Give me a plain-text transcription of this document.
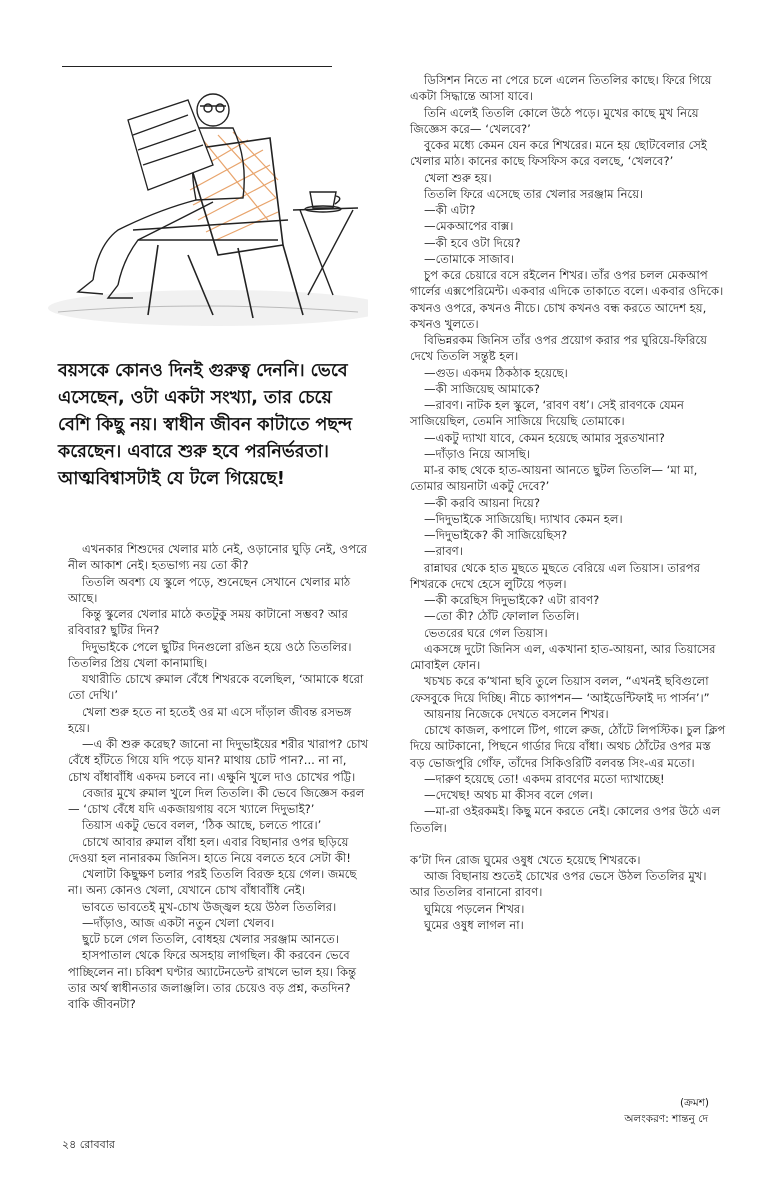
বয়সকে কোনও দিনই গুরুত্ব দেননি। ভেবে এসেছেন, ওটা একটা সংখ্যা, তার চেয়ে বেশি কিছু নয়। স্বাধীন জীবন কাটাতে পছন্দ করেছেন। এবারে শুরু হবে পরনির্ভরতা। আত্মবিশ্বাসটাই যে টলে গিয়েছে!

এখনকার শিশুদের খেলার মাঠ নেই, ওড়ানোর ঘুড়ি নেই, ওপরে নীল আকাশ নেই। হতভাগ্য নয় তো কী?

তিতলি অবশ্য যে স্কুলে পড়ে, শুনেছেন সেখানে খেলার মাঠ আছে।

কিন্তু স্কুলের খেলার মাঠে কতটুকু সময় কাটানো সম্ভব? আর রবিবার? ছুটির দিন?

দিদুভাইকে পেলে ছুটির দিনগুলো রঙিন হয়ে ওঠে তিতলির। তিতলির প্রিয় খেলা কানামাছি।

যথারীতি চোখে রুমাল বেঁধে শিখরকে বলেছিল, ‘আমাকে ধরো তো দেখি।’

খেলা শুরু হতে না হতেই ওর মা এসে দাঁড়াল জীবন্ত রসভঙ্গ হয়ে।

—এ কী শুরু করেছ? জানো না দিদুভাইয়ের শরীর খারাপ? চোখ বেঁধে হাঁটতে গিয়ে যদি পড়ে যান? মাথায় চোট পান?... না না, চোখ বাঁধাবাঁধি একদম চলবে না। এক্ষুনি খুলে দাও চোখের পট্টি।

বেজার মুখে রুমাল খুলে দিল তিতলি। কী ভেবে জিজ্ঞেস করল— ‘চোখ বেঁধে যদি একজায়গায় বসে খ্যালে দিদুভাই?’

তিয়াস একটু ভেবে বলল, ‘ঠিক আছে, চলতে পারে।’

চোখে আবার রুমাল বাঁধা হল। এবার বিছানার ওপর ছড়িয়ে দেওয়া হল নানারকম জিনিস। হাতে নিয়ে বলতে হবে সেটা কী!

খেলাটা কিছুক্ষণ চলার পরই তিতলি বিরক্ত হয়ে গেল। জমছে না। অন্য কোনও খেলা, যেখানে চোখ বাঁধাবাঁধি নেই।

ভাবতে ভাবতেই মুখ-চোখ উজ্জ্বল হয়ে উঠল তিতলির।

—দাঁড়াও, আজ একটা নতুন খেলা খেলব।

ছুটে চলে গেল তিতলি, বোধহয় খেলার সরঞ্জাম আনতে।

হাসপাতাল থেকে ফিরে অসহায় লাগছিল। কী করবেন ভেবে পাচ্ছিলেন না। চব্বিশ ঘণ্টার অ্যাটেনডেন্ট রাখলে ভাল হয়। কিন্তু তার অর্থ স্বাধীনতার জলাঞ্জলি। তার চেয়েও বড় প্রশ্ন, কতদিন? বাকি জীবনটা?

ডিসিশন নিতে না পেরে চলে এলেন তিতলির কাছে। ফিরে গিয়ে একটা সিদ্ধান্তে আসা যাবে।

তিনি এলেই তিতলি কোলে উঠে পড়ে। মুখের কাছে মুখ নিয়ে জিজ্ঞেস করে— ‘খেলবে?’

বুকের মধ্যে কেমন যেন করে শিখরের। মনে হয় ছোটবেলার সেই খেলার মাঠ। কানের কাছে ফিসফিস করে বলছে, ‘খেলবে?’

খেলা শুরু হয়।

তিতলি ফিরে এসেছে তার খেলার সরঞ্জাম নিয়ে।

—কী এটা?

—মেকআপের বাক্স।

—কী হবে ওটা দিয়ে?

—তোমাকে সাজাব।

চুপ করে চেয়ারে বসে রইলেন শিখর। তাঁর ওপর চলল মেকআপ গার্লের এক্সপেরিমেন্ট। একবার এদিকে তাকাতে বলে। একবার ওদিকে। কখনও ওপরে, কখনও নীচে। চোখ কখনও বন্ধ করতে আদেশ হয়, কখনও খুলতে।

বিভিন্নরকম জিনিস তাঁর ওপর প্রয়োগ করার পর ঘুরিয়ে-ফিরিয়ে দেখে তিতলি সন্তুষ্ট হল।

—গুড। একদম ঠিকঠাক হয়েছে।

—কী সাজিয়েছ আমাকে?

—রাবণ। নাটক হল স্কুলে, ‘রাবণ বধ’। সেই রাবণকে যেমন সাজিয়েছিল, তেমনি সাজিয়ে দিয়েছি তোমাকে।

—একটু দ্যাখা যাবে, কেমন হয়েছে আমার সুরতখানা?

—দাঁড়াও নিয়ে আসছি।

মা-র কাছ থেকে হাত-আয়না আনতে ছুটল তিতলি— ‘মা মা, তোমার আয়নাটা একটু দেবে?’

—কী করবি আয়না দিয়ে?

—দিদুভাইকে সাজিয়েছি। দ্যাখাব কেমন হল।

—দিদুভাইকে? কী সাজিয়েছিস?

—রাবণ।

রান্নাঘর থেকে হাত মুছতে মুছতে বেরিয়ে এল তিয়াস। তারপর শিখরকে দেখে হেসে লুটিয়ে পড়ল।

—কী করেছিস দিদুভাইকে? এটা রাবণ?

—তো কী? ঠোঁট ফোলাল তিতলি।

ভেতরের ঘরে গেল তিয়াস।

একসঙ্গে দুটো জিনিস এল, একখানা হাত-আয়না, আর তিয়াসের মোবাইল ফোন।

খচখচ করে ক’খানা ছবি তুলে তিয়াস বলল, “এখনই ছবিগুলো ফেসবুকে দিয়ে দিচ্ছি। নীচে ক্যাপশন— ‘আইডেন্টিফাই দ্য পার্সন’।”

আয়নায় নিজেকে দেখতে বসলেন শিখর।

চোখে কাজল, কপালে টিপ, গালে রুজ, ঠোঁটে লিপস্টিক। চুল ক্লিপ দিয়ে আটকানো, পিছনে গার্ডার দিয়ে বাঁধা। অথচ ঠোঁটের ওপর মস্ত বড় ভোজপুরি গোঁফ, তাঁদের সিকিওরিটি বলবন্ত সিং-এর মতো।

—দারুণ হয়েছে তো! একদম রাবণের মতো দ্যাখাচ্ছে!

—দেখেছ! অথচ মা কীসব বলে গেল।

—মা-রা ওইরকমই। কিছু মনে করতে নেই। কোলের ওপর উঠে এল তিতলি।

ক’টা দিন রোজ ঘুমের ওষুধ খেতে হয়েছে শিখরকে।

আজ বিছানায় শুতেই চোখের ওপর ভেসে উঠল তিতলির মুখ। আর তিতলির বানানো রাবণ।

ঘুমিয়ে পড়লেন শিখর।

ঘুমের ওষুধ লাগল না।

(ক্রমশ)
অলংকরণ: শান্তনু দে
২৪ রোববার
